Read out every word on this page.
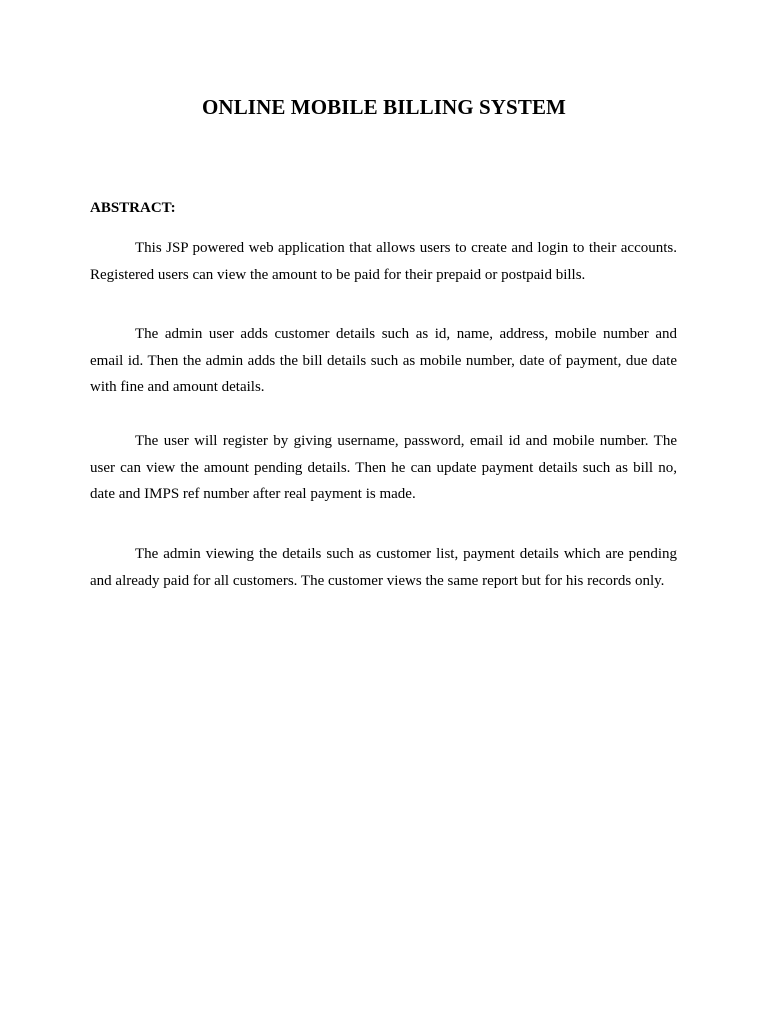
ONLINE MOBILE BILLING SYSTEM
ABSTRACT:

This JSP powered web application that allows users to create and login to their accounts. Registered users can view the amount to be paid for their prepaid or postpaid bills.

The admin user adds customer details such as id, name, address, mobile number and email id. Then the admin adds the bill details such as mobile number, date of payment, due date with fine and amount details.

The user will register by giving username, password, email id and mobile number. The user can view the amount pending details. Then he can update payment details such as bill no, date and IMPS ref number after real payment is made.

The admin viewing the details such as customer list, payment details which are pending and already paid for all customers. The customer views the same report but for his records only.
